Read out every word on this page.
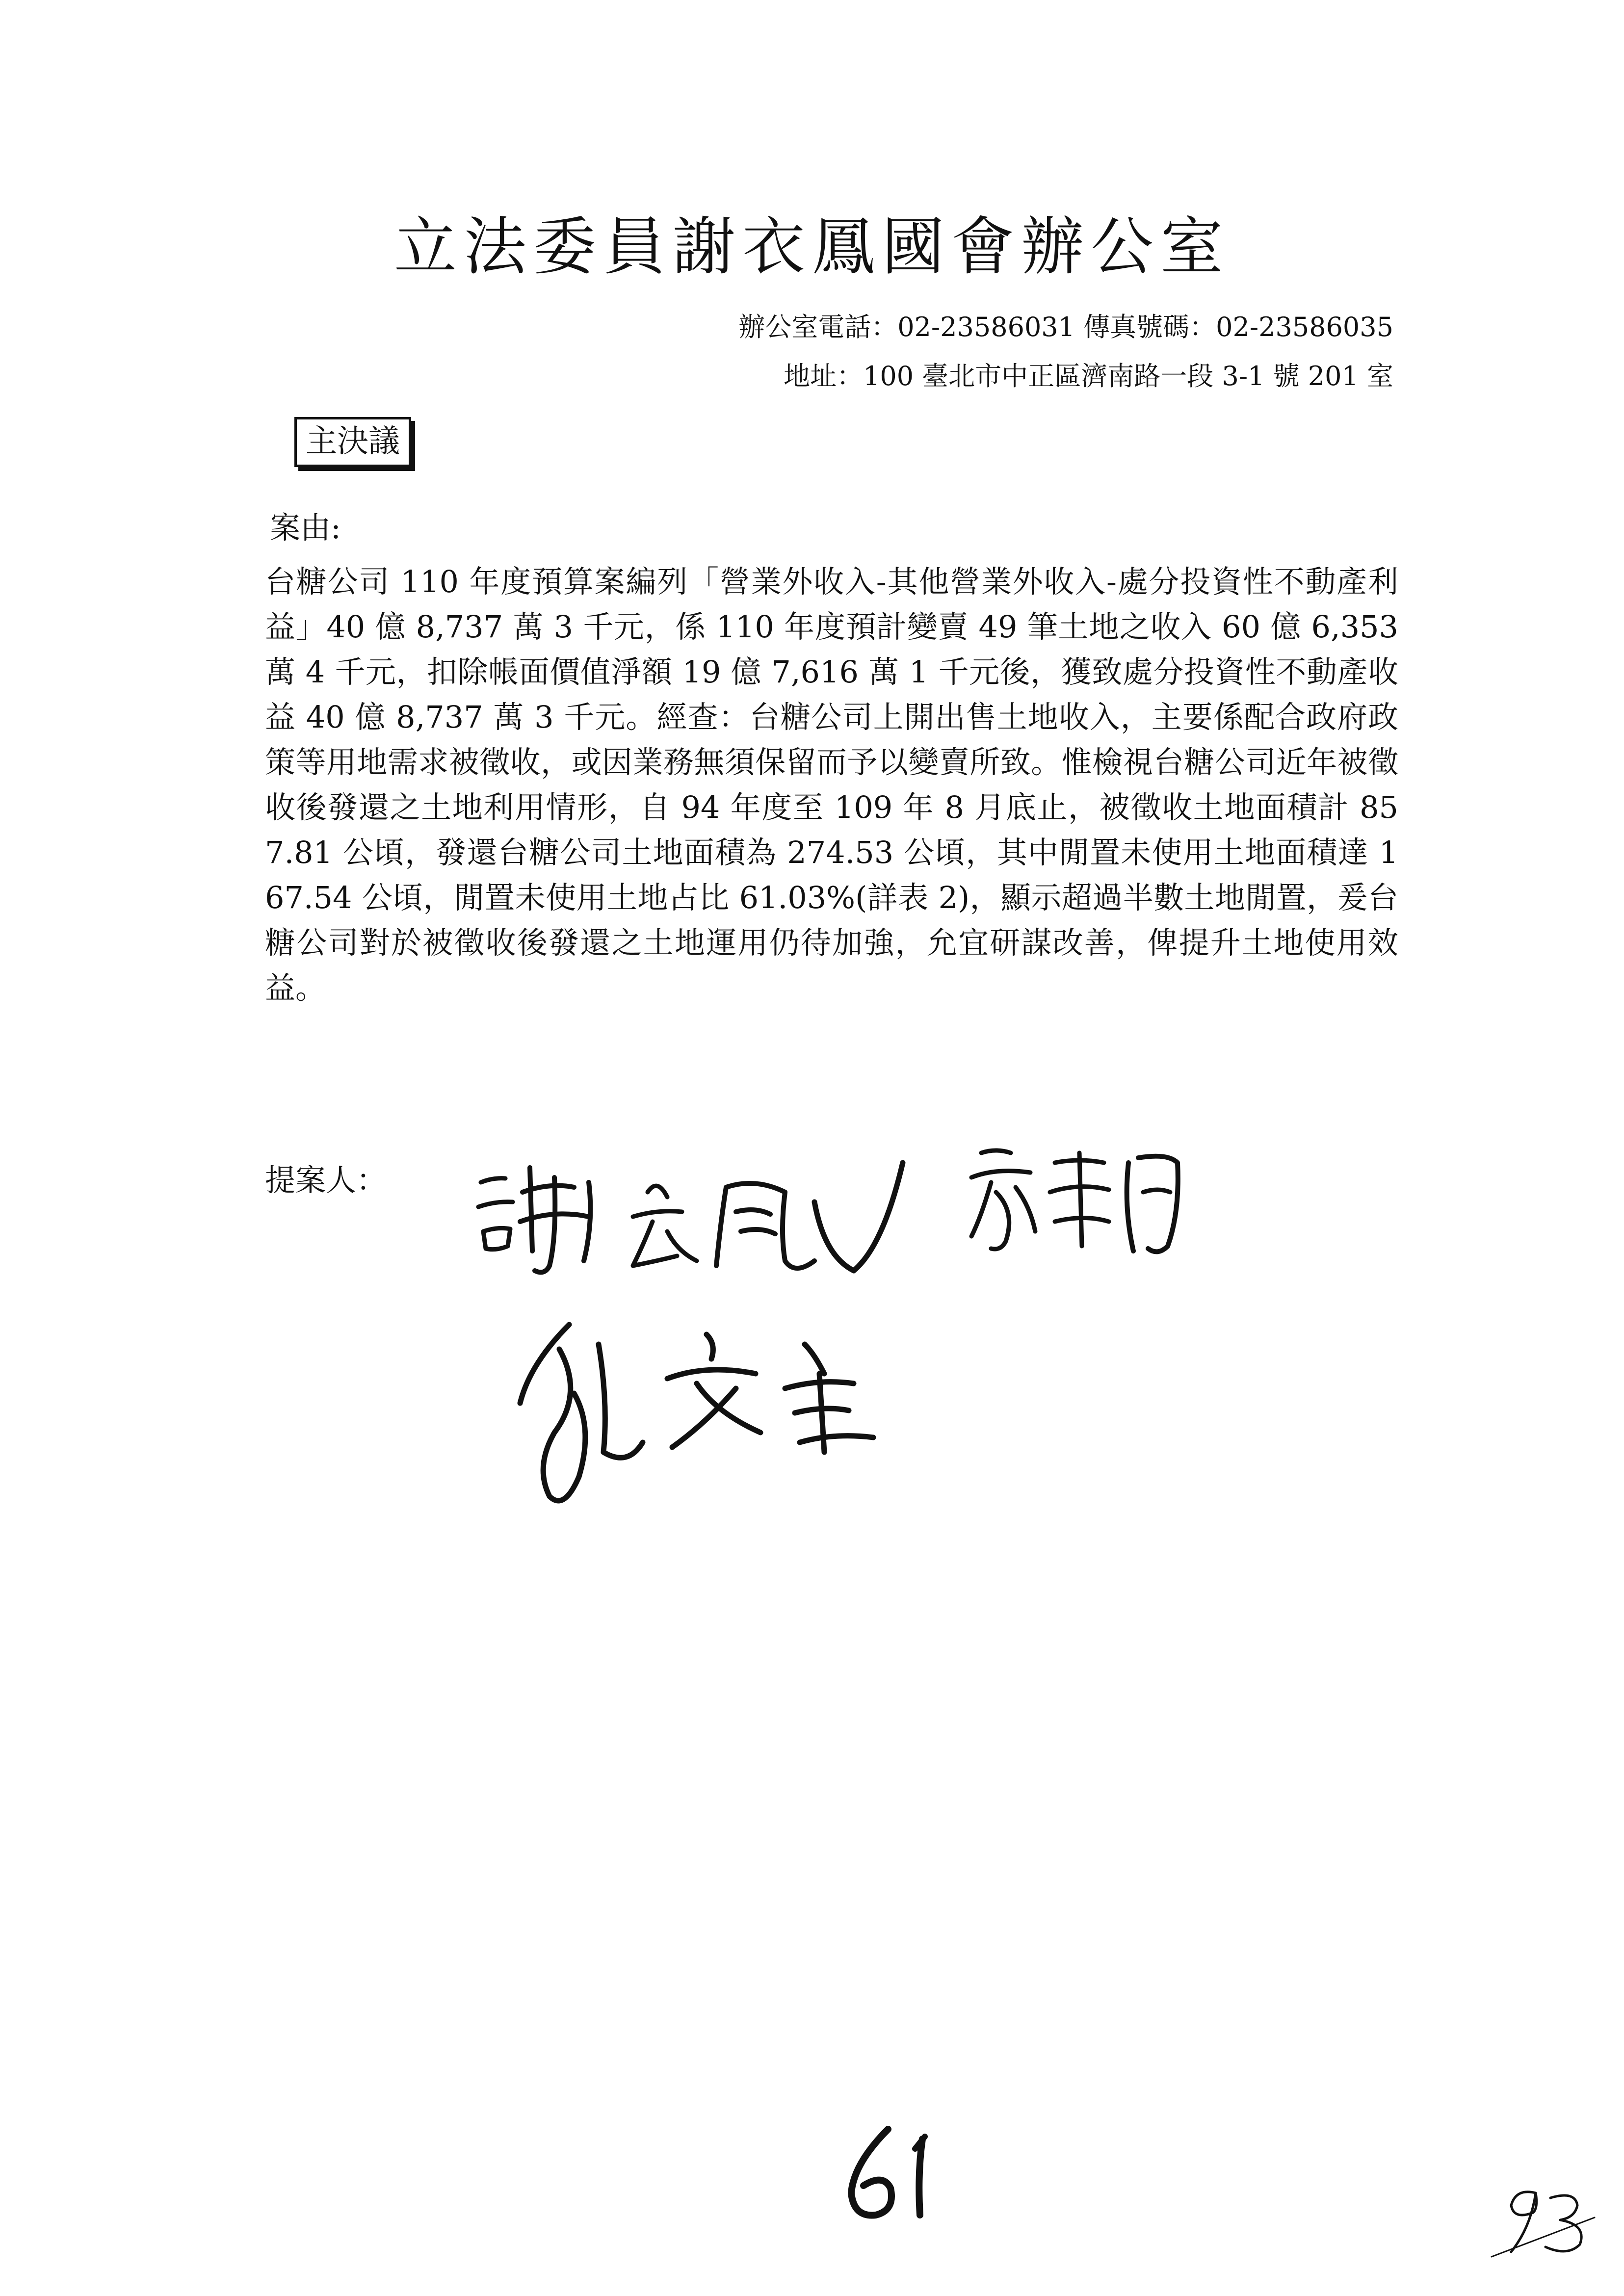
立法委員謝衣鳳國會辦公室
辦公室電話：02-23586031 傳真號碼：02-23586035
地址：100 臺北市中正區濟南路一段 3-1 號 201 室
主決議
案由:

台糖公司 110 年度預算案編列「營業外收入-其他營業外收入-處分投資性不動產利益」40 億 8,737 萬 3 千元，係 110 年度預計變賣 49 筆土地之收入 60 億 6,353 萬 4 千元，扣除帳面價值淨額 19 億 7,616 萬 1 千元後，獲致處分投資性不動產收益 40 億 8,737 萬 3 千元。經查：台糖公司上開出售土地收入，主要係配合政府政策等用地需求被徵收，或因業務無須保留而予以變賣所致。惟檢視台糖公司近年被徵收後發還之土地利用情形，自 94 年度至 109 年 8 月底止，被徵收土地面積計 857.81 公頃，發還台糖公司土地面積為 274.53 公頃，其中閒置未使用土地面積達 167.54 公頃，閒置未使用土地占比 61.03%(詳表 2)，顯示超過半數土地閒置，爰台糖公司對於被徵收後發還之土地運用仍待加強，允宜研謀改善，俾提升土地使用效益。

提案人：
